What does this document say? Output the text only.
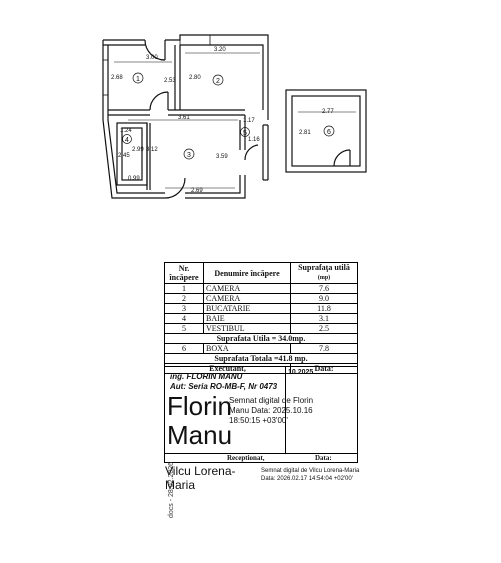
3.00
3.20
2.68	2.53 2.80
3.61	1.17
1.24
2.99 3.12
2.45
1.16
3.59
0.99
2.69
2.77
2.81
1	2
3
4
5	6
Nr.
încăpere	Denumire încăpere	Suprafaţa utilă
(mp)
1	CAMERA	7.6
2	CAMERA	9.0
3	BUCATARIE	11.8
4	BAIE	3.1
5	VESTIBUL	2.5
Suprafata Utila = 34.0mp.		
6	BOXA	7.8
Suprafata Totala =41.8 mp.		
Executant,		Data:
ing. FLORIN MANU
Aut: Seria RO-MB-F, Nr 0473
10.2025
Florin
Manu
Semnat digital de Florin Manu Data: 2025.10.16 18:50:15 +03'00'
Receptionat,	Data:
Vilcu Lorena-
Maria
Semnat digital de Vilcu Lorena-Maria Data: 2026.02.17 14:54:04 +02'00'
docs - 28.02.2026
